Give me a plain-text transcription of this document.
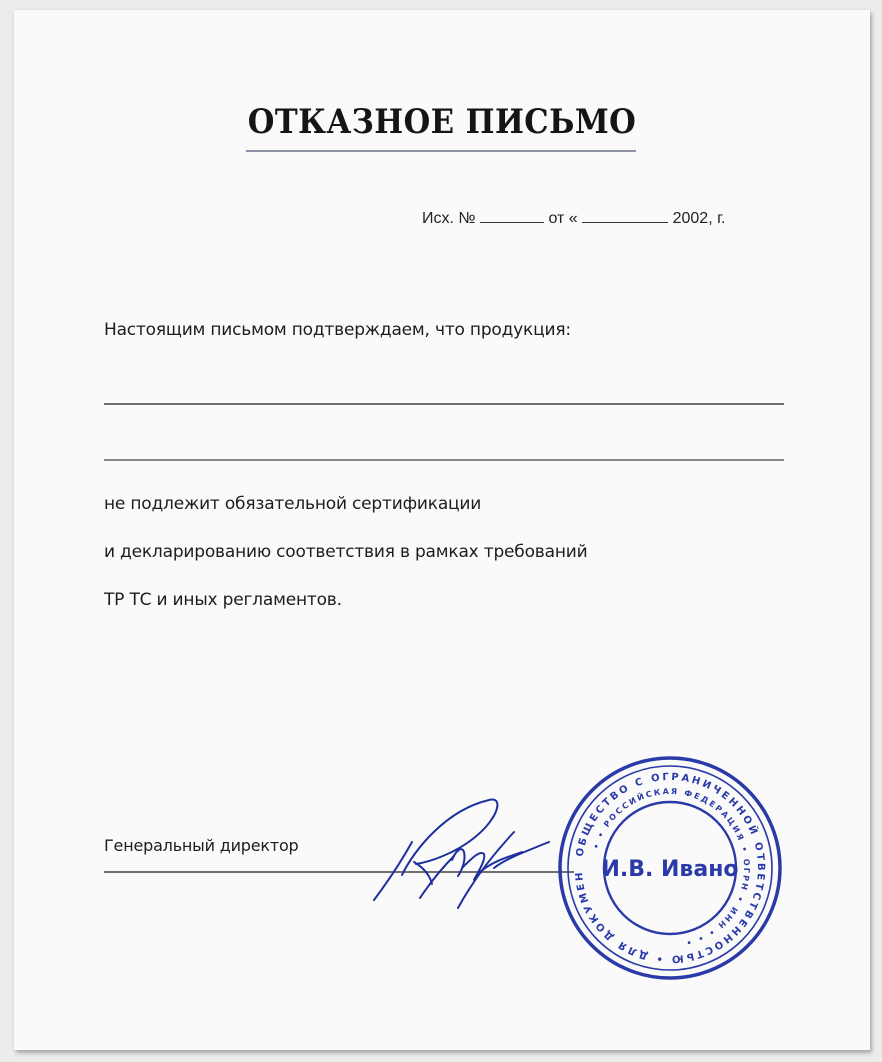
ОТКАЗНОЕ ПИСЬМО
Исх. №	от «	2002, г.
Настоящим письмом подтверждаем, что продукция:
не подлежит обязательной сертификации
и декларированию соответствия в рамках требований
ТР ТС и иных регламентов.
Генеральный директор	ОБЩЕСТВО С ОГРАНИЧЕННОЙ ОТВЕТСТВЕННОСТЬЮ • ДЛЯ ДОКУМЕНТОВ •
• • РОССИЙСКАЯ ФЕДЕРАЦИЯ • ОГРН • ИНН • • •
И.В. Ивано
